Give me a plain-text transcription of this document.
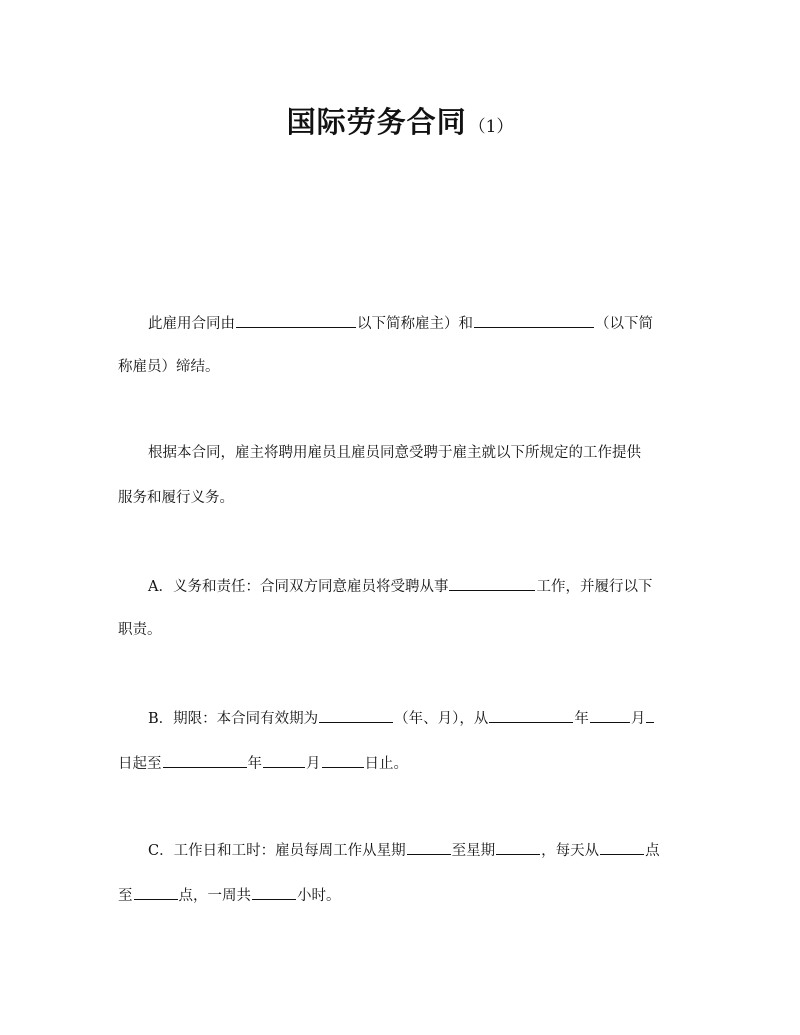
国际劳务合同 （1）
此雇用合同由	以下简称雇主）和	（以下简
称雇员）缔结。
根据本合同，雇主将聘用雇员且雇员同意受聘于雇主就以下所规定的工作提供
服务和履行义务。
A．义务和责任：合同双方同意雇员将受聘从事	工作，并履行以下
职责。
B．期限：本合同有效期为	（年、月），从	年	月
日起至	年	月	日止。
C．工作日和工时：雇员每周工作从星期	至星期	，每天从	点
至	点，一周共	小时。
